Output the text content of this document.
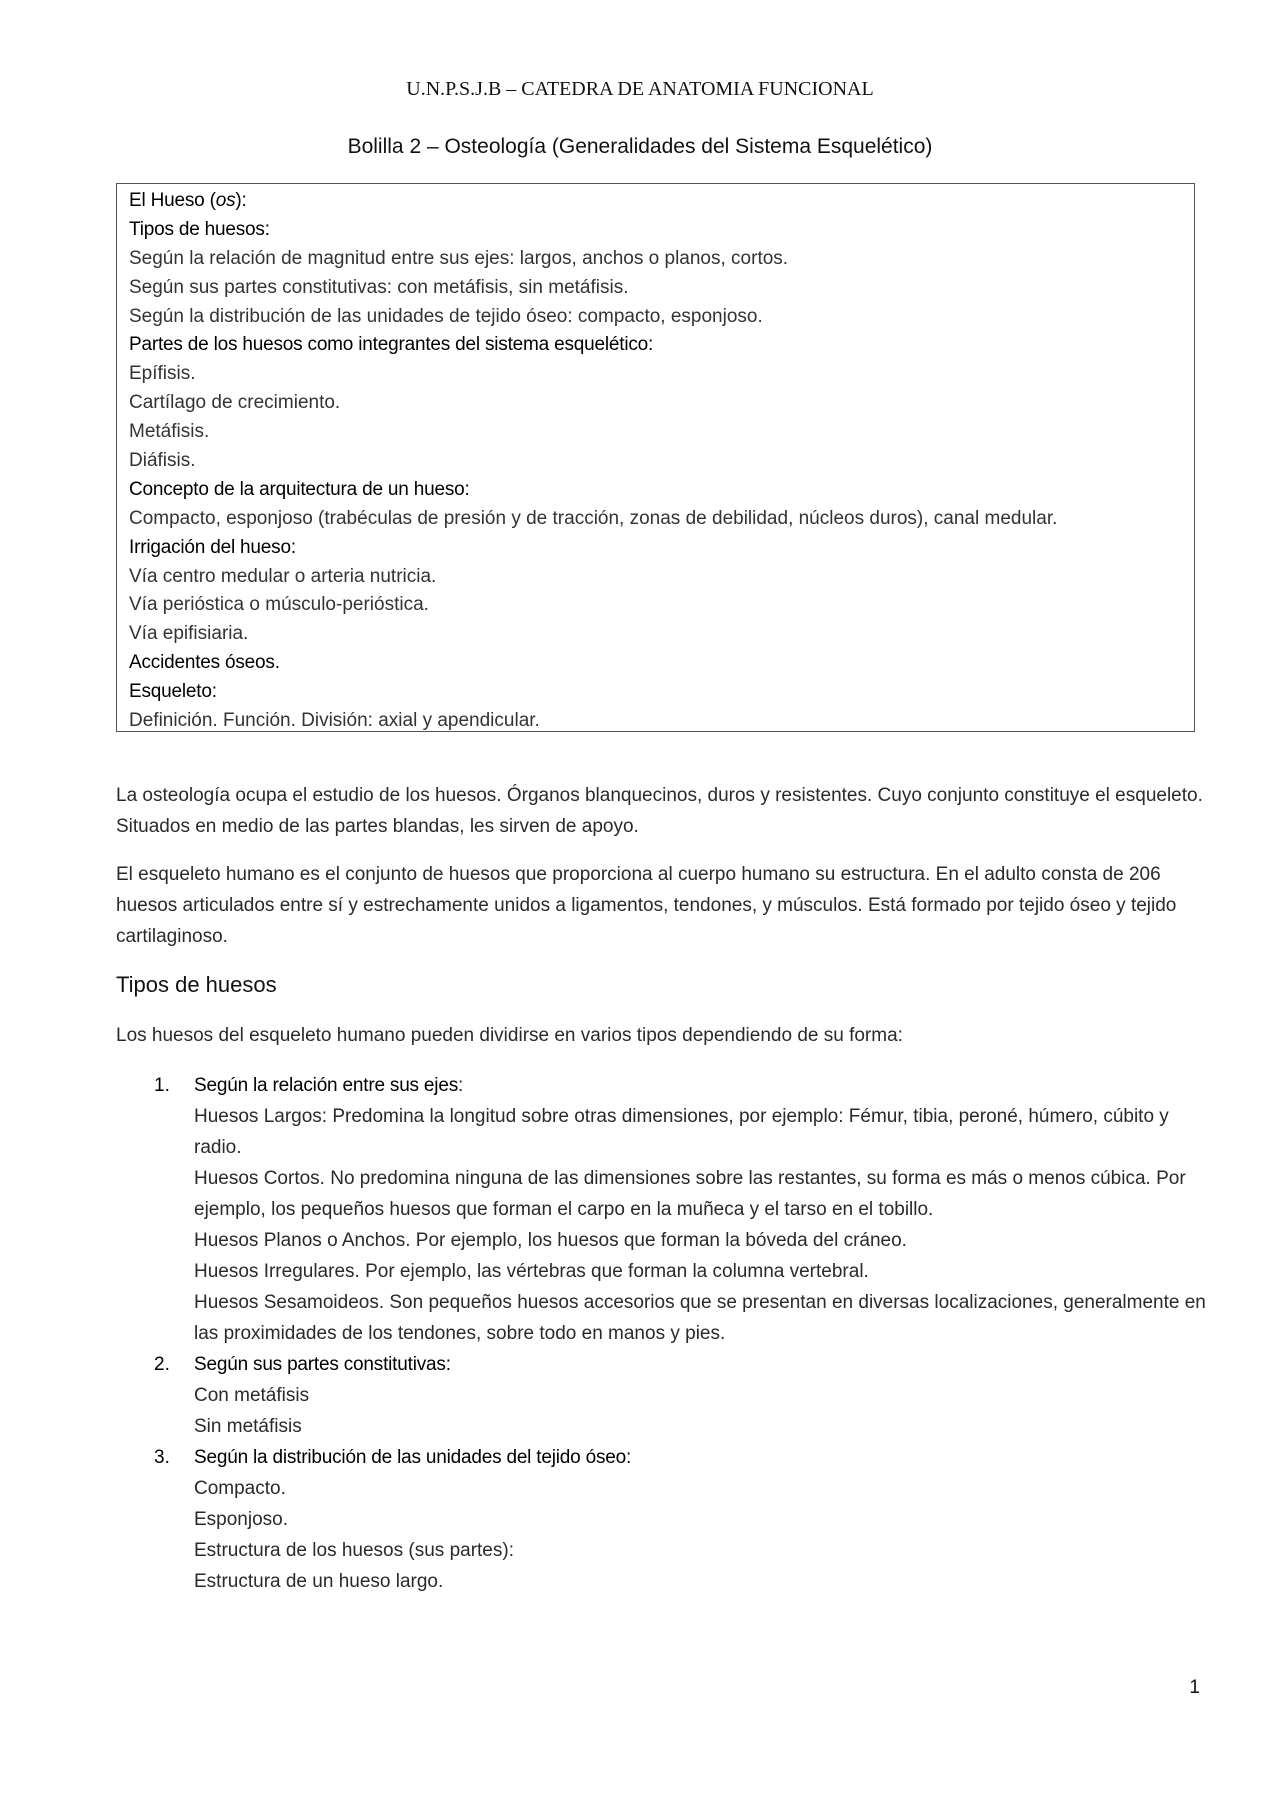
U.N.P.S.J.B – CATEDRA DE ANATOMIA FUNCIONAL
Bolilla 2 – Osteología (Generalidades del Sistema Esquelético)
El Hueso (os):
Tipos de huesos:
Según la relación de magnitud entre sus ejes: largos, anchos o planos, cortos.
Según sus partes constitutivas: con metáfisis, sin metáfisis.
Según la distribución de las unidades de tejido óseo: compacto, esponjoso.
Partes de los huesos como integrantes del sistema esquelético:
Epífisis.
Cartílago de crecimiento.
Metáfisis.
Diáfisis.
Concepto de la arquitectura de un hueso:
Compacto, esponjoso (trabéculas de presión y de tracción, zonas de debilidad, núcleos duros), canal medular.
Irrigación del hueso:
Vía centro medular o arteria nutricia.
Vía perióstica o músculo-perióstica.
Vía epifisiaria.
Accidentes óseos.
Esqueleto:
Definición. Función. División: axial y apendicular.

La osteología ocupa el estudio de los huesos. Órganos blanquecinos, duros y resistentes. Cuyo conjunto constituye el esqueleto. Situados en medio de las partes blandas, les sirven de apoyo.

El esqueleto humano es el conjunto de huesos que proporciona al cuerpo humano su estructura. En el adulto consta de 206 huesos articulados entre sí y estrechamente unidos a ligamentos, tendones, y músculos. Está formado por tejido óseo y tejido cartilaginoso.

Tipos de huesos

Los huesos del esqueleto humano pueden dividirse en varios tipos dependiendo de su forma:

1. Según la relación entre sus ejes:
Huesos Largos: Predomina la longitud sobre otras dimensiones, por ejemplo: Fémur, tibia, peroné, húmero, cúbito y radio.
Huesos Cortos. No predomina ninguna de las dimensiones sobre las restantes, su forma es más o menos cúbica. Por ejemplo, los pequeños huesos que forman el carpo en la muñeca y el tarso en el tobillo.
Huesos Planos o Anchos. Por ejemplo, los huesos que forman la bóveda del cráneo.
Huesos Irregulares. Por ejemplo, las vértebras que forman la columna vertebral.
Huesos Sesamoideos. Son pequeños huesos accesorios que se presentan en diversas localizaciones, generalmente en las proximidades de los tendones, sobre todo en manos y pies.
2. Según sus partes constitutivas:
Con metáfisis
Sin metáfisis
3. Según la distribución de las unidades del tejido óseo:
Compacto.
Esponjoso.
Estructura de los huesos (sus partes):
Estructura de un hueso largo.
1
